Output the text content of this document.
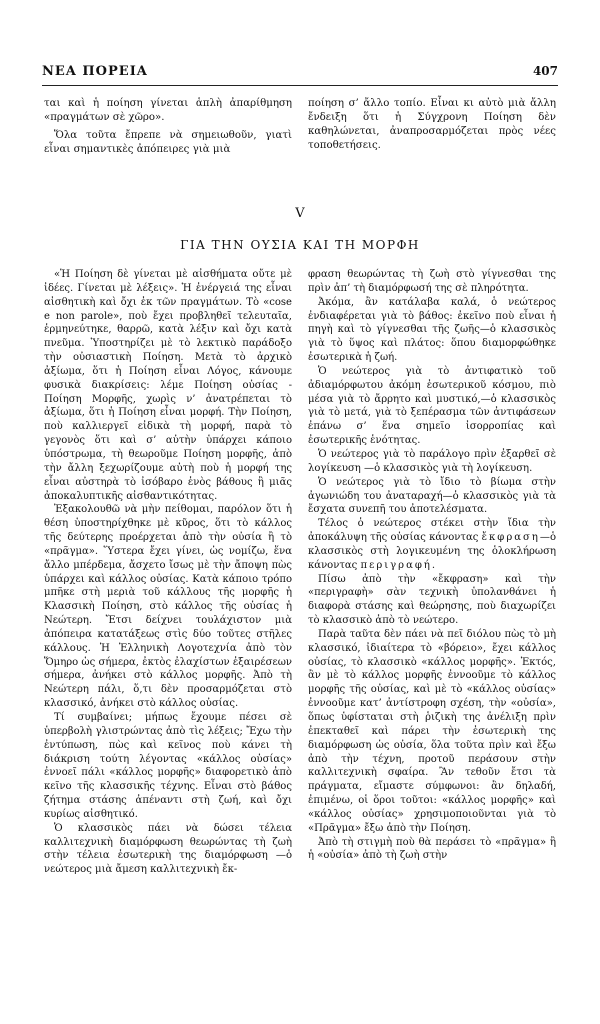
ΝΕΑ ΠΟΡΕΙΑ	407

ται καὶ ἡ ποίηση γίνεται ἁπλὴ ἀπαρίθμηση «πραγμάτων σὲ χῶρο».

Ὅλα τοῦτα ἔπρεπε νὰ σημειωθοῦν, γιατὶ εἶναι σημαντικὲς ἀπόπειρες γιὰ μιὰ

ποίηση σ’ ἄλλο τοπίο. Εἶναι κι αὐτὸ μιὰ ἄλλη ἔνδειξη ὅτι ἡ Σύγχρονη Ποίηση δὲν καθηλώνεται, ἀναπροσαρμόζεται πρὸς νέες τοποθετήσεις.

V
ΓΙΑ ΤΗΝ ΟΥΣΙΑ ΚΑΙ ΤΗ ΜΟΡΦΗ

«Ἡ Ποίηση δὲ γίνεται μὲ αἰσθήματα οὔτε μὲ ἰδέες. Γίνεται μὲ λέξεις». Ἡ ἐνέργειά της εἶναι αἰσθητικὴ καὶ ὄχι ἐκ τῶν πραγμάτων. Τὸ «cose e non parole», ποὺ ἔχει προβληθεῖ τελευταῖα, ἑρμηνεύτηκε, θαρρῶ, κατὰ λέξιν καὶ ὄχι κατὰ πνεῦμα. Ὑποστηρίζει μὲ τὸ λεκτικὸ παράδοξο τὴν οὐσιαστικὴ Ποίηση. Μετὰ τὸ ἀρχικὸ ἀξίωμα, ὅτι ἡ Ποίηση εἶναι Λόγος, κάνουμε φυσικὰ διακρίσεις: λέμε Ποίηση οὐσίας - Ποίηση Μορφῆς, χωρὶς ν’ ἀνατρέπεται τὸ ἀξίωμα, ὅτι ἡ Ποίηση εἶναι μορφή. Τὴν Ποίηση, ποὺ καλλιεργεῖ εἰδικὰ τὴ μορφή, παρὰ τὸ γεγονὸς ὅτι καὶ σ’ αὐτὴν ὑπάρχει κάποιο ὑπόστρωμα, τὴ θεωροῦμε Ποίηση μορφῆς, ἀπὸ τὴν ἄλλη ξεχωρίζουμε αὐτὴ ποὺ ἡ μορφή της εἶναι αὐστηρὰ τὸ ἰσόβαρο ἑνὸς βάθους ἢ μιᾶς ἀποκαλυπτικῆς αἰσθαντικότητας.

Ἐξακολουθῶ νὰ μὴν πείθομαι, παρόλον ὅτι ἡ θέση ὑποστηρίχθηκε μὲ κῦρος, ὅτι τὸ κάλλος τῆς δεύτερης προέρχεται ἀπὸ τὴν οὐσία ἢ τὸ «πρᾶγμα». Ὕστερα ἔχει γίνει, ὡς νομίζω, ἕνα ἄλλο μπέρδεμα, ἄσχετο ἴσως μὲ τὴν ἄποψη πὼς ὑπάρχει καὶ κάλλος οὐσίας. Κατὰ κάποιο τρόπο μπῆκε στὴ μεριὰ τοῦ κάλλους τῆς μορφῆς ἡ Κλασσικὴ Ποίηση, στὸ κάλλος τῆς οὐσίας ἡ Νεώτερη. Ἔτσι δείχνει τουλάχιστον μιὰ ἀπόπειρα κατατάξεως στὶς δύο τοῦτες στῆλες κάλλους. Ἡ Ἑλληνικὴ Λογοτεχνία ἀπὸ τὸν Ὅμηρο ὡς σήμερα, ἐκτὸς ἐλαχίστων ἐξαιρέσεων σήμερα, ἀνήκει στὸ κάλλος μορφῆς. Ἀπὸ τὴ Νεώτερη πάλι, ὅ,τι δὲν προσαρμόζεται στὸ κλασσικό, ἀνήκει στὸ κάλλος οὐσίας.

Τί συμβαίνει; μήπως ἔχουμε πέσει σὲ ὑπερβολὴ γλιστρώντας ἀπὸ τὶς λέξεις; Ἔχω τὴν ἐντύπωση, πὼς καὶ κεῖνος ποὺ κάνει τὴ διάκριση τούτη λέγοντας «κάλλος οὐσίας» ἐννοεῖ πάλι «κάλλος μορφῆς» διαφορετικὸ ἀπὸ κεῖνο τῆς κλασσικῆς τέχνης. Εἶναι στὸ βάθος ζήτημα στάσης ἀπέναντι στὴ ζωή, καὶ ὄχι κυρίως αἰσθητικό.

Ὁ κλασσικὸς πάει νὰ δώσει τέλεια καλλιτεχνικὴ διαμόρφωση θεωρώντας τὴ ζωὴ στὴν τέλεια ἐσωτερικὴ της διαμόρφωση —ὁ νεώτερος μιὰ ἄμεση καλλιτεχνικὴ ἔκ-

φραση θεωρώντας τὴ ζωὴ στὸ γίγνεσθαι της πρὶν ἀπ’ τὴ διαμόρφωσή της σὲ πληρότητα.

Ἀκόμα, ἂν κατάλαβα καλά, ὁ νεώτερος ἐνδιαφέρεται γιὰ τὸ βάθος: ἐκεῖνο ποὺ εἶναι ἡ πηγὴ καὶ τὸ γίγνεσθαι τῆς ζωῆς—ὁ κλασσικὸς γιὰ τὸ ὕψος καὶ πλάτος: ὅπου διαμορφώθηκε ἐσωτερικὰ ἡ ζωή.

Ὁ νεώτερος γιὰ τὸ ἀντιφατικὸ τοῦ ἀδιαμόρφωτου ἀκόμη ἐσωτερικοῦ κόσμου, πιὸ μέσα γιὰ τὸ ἄρρητο καὶ μυστικό,—ὁ κλασσικὸς γιὰ τὸ μετά, γιὰ τὸ ξεπέρασμα τῶν ἀντιφάσεων ἐπάνω σ’ ἕνα σημεῖο ἰσορροπίας καὶ ἐσωτερικῆς ἑνότητας.

Ὁ νεώτερος γιὰ τὸ παράλογο πρὶν ἐξαρθεῖ σὲ λογίκευση —ὁ κλασσικὸς γιὰ τὴ λογίκευση.

Ὁ νεώτερος γιὰ τὸ ἴδιο τὸ βίωμα στὴν ἀγωνιώδη του ἀναταραχή—ὁ κλασσικὸς γιὰ τὰ ἔσχατα συνεπῆ του ἀποτελέσματα.

Τέλος ὁ νεώτερος στέκει στὴν ἴδια τὴν ἀποκάλυψη τῆς οὐσίας κάνοντας ἔκφραση—ὁ κλασσικὸς στὴ λογικευμένη της ὁλοκλήρωση κάνοντας περιγραφή.

Πίσω ἀπὸ τὴν «ἔκφραση» καὶ τὴν «περιγραφὴ» σὰν τεχνικὴ ὑπολανθάνει ἡ διαφορὰ στάσης καὶ θεώρησης, ποὺ διαχωρίζει τὸ κλασσικὸ ἀπὸ τὸ νεώτερο.

Παρὰ ταῦτα δὲν πάει νὰ πεῖ διόλου πὼς τὸ μὴ κλασσικό, ἰδιαίτερα τὸ «βόρειο», ἔχει κάλλος οὐσίας, τὸ κλασσικὸ «κάλλος μορφῆς». Ἐκτός, ἂν μὲ τὸ κάλλος μορφῆς ἐννοοῦμε τὸ κάλλος μορφῆς τῆς οὐσίας, καὶ μὲ τὸ «κάλλος οὐσίας» ἐννοοῦμε κατ’ ἀντίστροφη σχέση, τὴν «οὐσία», ὅπως ὑφίσταται στὴ ῥιζικὴ της ἀνέλιξη πρὶν ἐπεκταθεῖ καὶ πάρει τὴν ἐσωτερικὴ της διαμόρφωση ὡς οὐσία, ὅλα τοῦτα πρὶν καὶ ἔξω ἀπὸ τὴν τέχνη, προτοῦ περάσουν στὴν καλλιτεχνικὴ σφαίρα. Ἂν τεθοῦν ἔτσι τὰ πράγματα, εἴμαστε σύμφωνοι: ἂν δηλαδή, ἐπιμένω, οἱ ὅροι τοῦτοι: «κάλλος μορφῆς» καὶ «κάλλος οὐσίας» χρησιμοποιοῦνται γιὰ τὸ «Πρᾶγμα» ἔξω ἀπὸ τὴν Ποίηση.

Ἀπὸ τὴ στιγμὴ ποὺ θὰ περάσει τὸ «πρᾶγμα» ἢ ἡ «οὐσία» ἀπὸ τὴ ζωὴ στὴν
